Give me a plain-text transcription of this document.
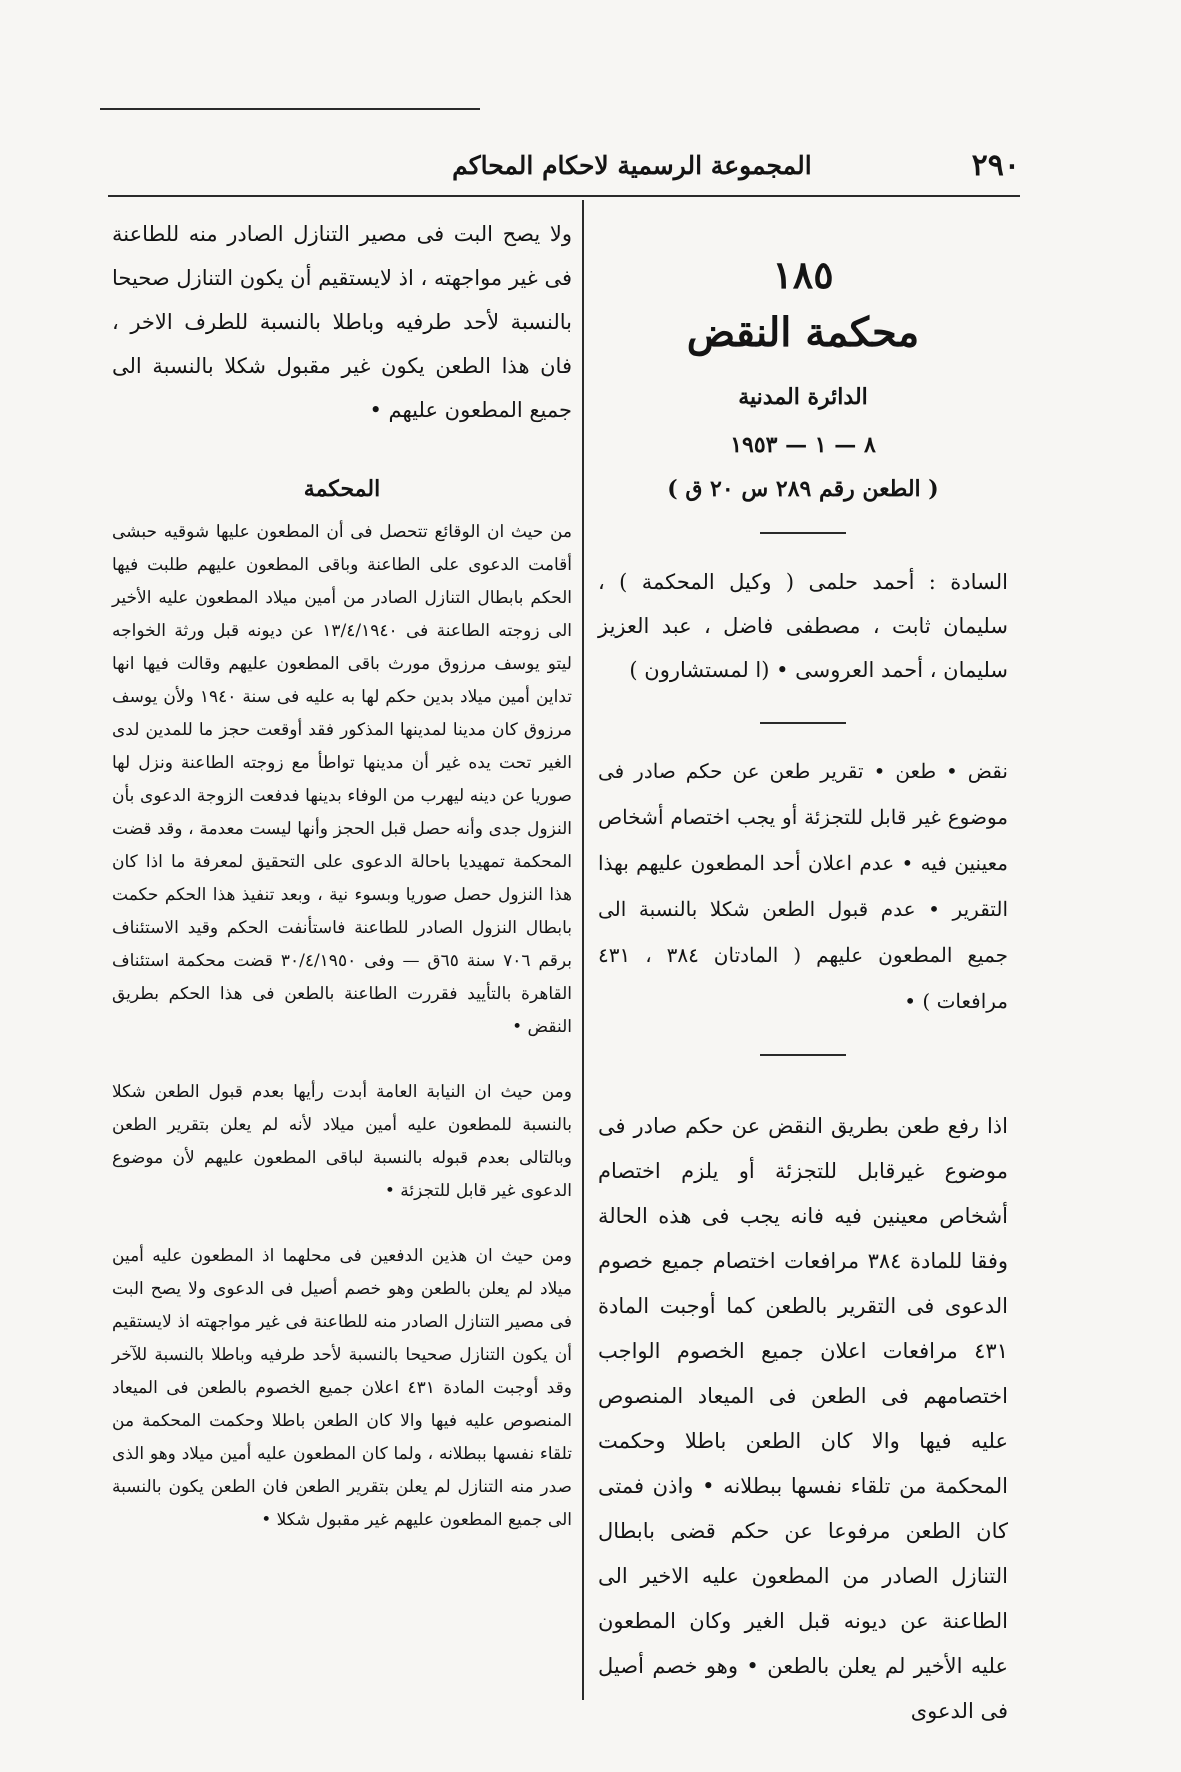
٢٩٠
المجموعة الرسمية لاحكام المحاكم
١٨٥
محكمة النقض
الدائرة المدنية
٨ — ١ — ١٩٥٣
( الطعن رقم ٢٨٩ س ٢٠ ق )
السادة : أحمد حلمى ( وكيل المحكمة ) ، سليمان ثابت ، مصطفى فاضل ، عبد العزيز سليمان ، أحمد العروسى • (ا لمستشارون )
نقض • طعن • تقرير طعن عن حكم صادر فى موضوع غير قابل للتجزئة أو يجب اختصام أشخاص معينين فيه • عدم اعلان أحد المطعون عليهم بهذا التقرير • عدم قبول الطعن شكلا بالنسبة الى جميع المطعون عليهم ( المادتان ٣٨٤ ، ٤٣١ مرافعات ) •
اذا رفع طعن بطريق النقض عن حكم صادر فى موضوع غيرقابل للتجزئة أو يلزم اختصام أشخاص معينين فيه فانه يجب فى هذه الحالة وفقا للمادة ٣٨٤ مرافعات اختصام جميع خصوم الدعوى فى التقرير بالطعن كما أوجبت المادة ٤٣١ مرافعات اعلان جميع الخصوم الواجب اختصامهم فى الطعن فى الميعاد المنصوص عليه فيها والا كان الطعن باطلا وحكمت المحكمة من تلقاء نفسها ببطلانه • واذن فمتى كان الطعن مرفوعا عن حكم قضى بابطال التنازل الصادر من المطعون عليه الاخير الى الطاعنة عن ديونه قبل الغير وكان المطعون عليه الأخير لم يعلن بالطعن • وهو خصم أصيل فى الدعوى
ولا يصح البت فى مصير التنازل الصادر منه للطاعنة فى غير مواجهته ، اذ لايستقيم أن يكون التنازل صحيحا بالنسبة لأحد طرفيه وباطلا بالنسبة للطرف الاخر ، فان هذا الطعن يكون غير مقبول شكلا بالنسبة الى جميع المطعون عليهم •
المحكمة
من حيث ان الوقائع تتحصل فى أن المطعون عليها شوقيه حبشى أقامت الدعوى على الطاعنة وباقى المطعون عليهم طلبت فيها الحكم بابطال التنازل الصادر من أمين ميلاد المطعون عليه الأخير الى زوجته الطاعنة فى ١٣/٤/١٩٤٠ عن ديونه قبل ورثة الخواجه ليتو يوسف مرزوق مورث باقى المطعون عليهم وقالت فيها انها تداين أمين ميلاد بدين حكم لها به عليه فى سنة ١٩٤٠ ولأن يوسف مرزوق كان مدينا لمدينها المذكور فقد أوقعت حجز ما للمدين لدى الغير تحت يده غير أن مدينها تواطأ مع زوجته الطاعنة ونزل لها صوريا عن دينه ليهرب من الوفاء بدينها فدفعت الزوجة الدعوى بأن النزول جدى وأنه حصل قبل الحجز وأنها ليست معدمة ، وقد قضت المحكمة تمهيديا باحالة الدعوى على التحقيق لمعرفة ما اذا كان هذا النزول حصل صوريا وبسوء نية ، وبعد تنفيذ هذا الحكم حكمت بابطال النزول الصادر للطاعنة فاستأنفت الحكم وقيد الاستئناف برقم ٧٠٦ سنة ٦٥ق — وفى ٣٠/٤/١٩٥٠ قضت محكمة استئناف القاهرة بالتأييد فقررت الطاعنة بالطعن فى هذا الحكم بطريق النقض •
ومن حيث ان النيابة العامة أبدت رأيها بعدم قبول الطعن شكلا بالنسبة للمطعون عليه أمين ميلاد لأنه لم يعلن بتقرير الطعن وبالتالى بعدم قبوله بالنسبة لباقى المطعون عليهم لأن موضوع الدعوى غير قابل للتجزئة •
ومن حيث ان هذين الدفعين فى محلهما اذ المطعون عليه أمين ميلاد لم يعلن بالطعن وهو خصم أصيل فى الدعوى ولا يصح البت فى مصير التنازل الصادر منه للطاعنة فى غير مواجهته اذ لايستقيم أن يكون التنازل صحيحا بالنسبة لأحد طرفيه وباطلا بالنسبة للآخر وقد أوجبت المادة ٤٣١ اعلان جميع الخصوم بالطعن فى الميعاد المنصوص عليه فيها والا كان الطعن باطلا وحكمت المحكمة من تلقاء نفسها ببطلانه ، ولما كان المطعون عليه أمين ميلاد وهو الذى صدر منه التنازل لم يعلن بتقرير الطعن فان الطعن يكون بالنسبة الى جميع المطعون عليهم غير مقبول شكلا •
